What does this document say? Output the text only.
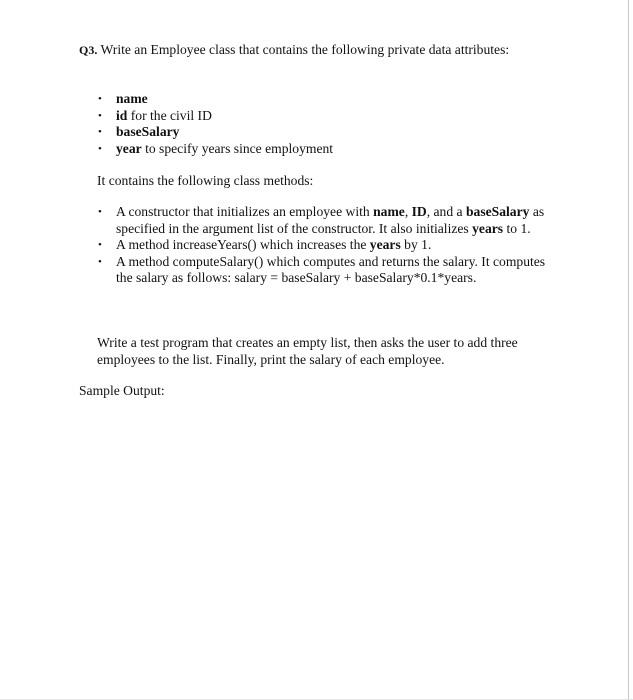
Q3. Write an Employee class that contains the following private data attributes:
• name
• id for the civil ID
• baseSalary
• year to specify years since employment
It contains the following class methods:
• A constructor that initializes an employee with name, ID, and a baseSalary as specified in the argument list of the constructor. It also initializes years to 1.
• A method increaseYears() which increases the years by 1.
• A method computeSalary() which computes and returns the salary. It computes the salary as follows: salary = baseSalary + baseSalary*0.1*years.
Write a test program that creates an empty list, then asks the user to add three employees to the list. Finally, print the salary of each employee.
Sample Output:
